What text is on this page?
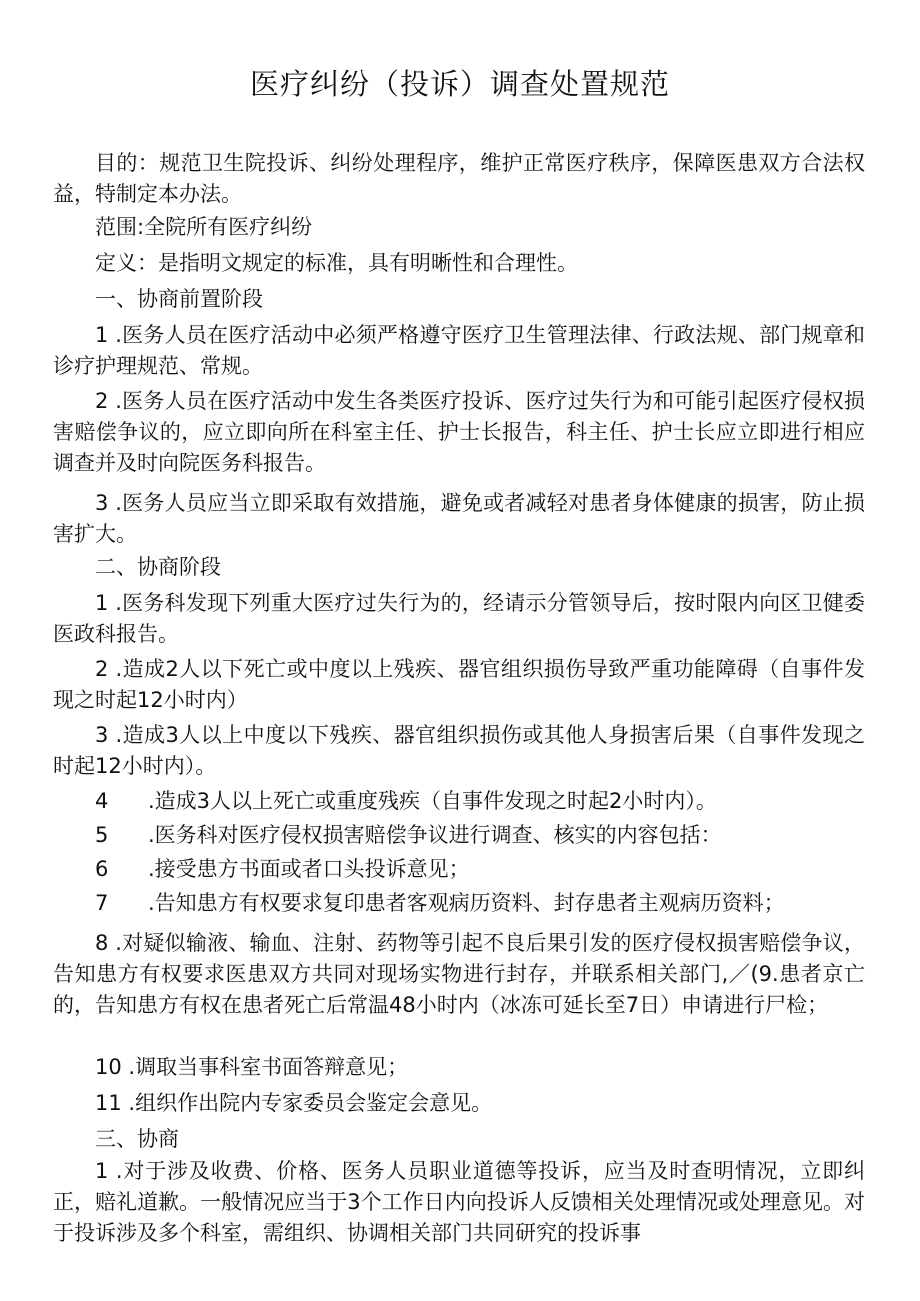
医疗纠纷（投诉）调查处置规范

目的：规范卫生院投诉、纠纷处理程序，维护正常医疗秩序，保障医患双方合法权益，特制定本办法。

范围:全院所有医疗纠纷

定义：是指明文规定的标准，具有明晰性和合理性。

一、协商前置阶段

1 .医务人员在医疗活动中必须严格遵守医疗卫生管理法律、行政法规、部门规章和诊疗护理规范、常规。

2 .医务人员在医疗活动中发生各类医疗投诉、医疗过失行为和可能引起医疗侵权损害赔偿争议的，应立即向所在科室主任、护士长报告，科主任、护士长应立即进行相应调查并及时向院医务科报告。

3 .医务人员应当立即采取有效措施，避免或者减轻对患者身体健康的损害，防止损害扩大。

二、协商阶段

1 .医务科发现下列重大医疗过失行为的，经请示分管领导后，按时限内向区卫健委医政科报告。

2 .造成2人以下死亡或中度以上残疾、器官组织损伤导致严重功能障碍（自事件发现之时起12小时内）

3 .造成3人以上中度以下残疾、器官组织损伤或其他人身损害后果（自事件发现之时起12小时内）。

4 .造成3人以上死亡或重度残疾（自事件发现之时起2小时内）。
5 .医务科对医疗侵权损害赔偿争议进行调查、核实的内容包括：
6 .接受患方书面或者口头投诉意见；
7 .告知患方有权要求复印患者客观病历资料、封存患者主观病历资料；

8 .对疑似输液、输血、注射、药物等引起不良后果引发的医疗侵权损害赔偿争议，告知患方有权要求医患双方共同对现场实物进行封存，并联系相关部门,／(9.患者京亡的，告知患方有权在患者死亡后常温48小时内（冰冻可延长至7日）申请进行尸检；

10 .调取当事科室书面答辩意见；

11 .组织作出院内专家委员会鉴定会意见。

三、协商

1 .对于涉及收费、价格、医务人员职业道德等投诉，应当及时查明情况，立即纠正，赔礼道歉。一般情况应当于3个工作日内向投诉人反馈相关处理情况或处理意见。对于投诉涉及多个科室，需组织、协调相关部门共同研究的投诉事
